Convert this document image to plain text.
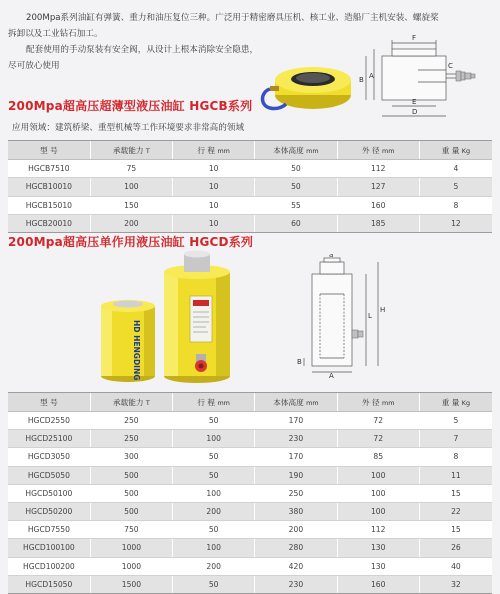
200Mpa系列油缸有弹簧、重力和油压复位三种。广泛用于精密磨具压机、核工业、造船厂主机安装、螺旋桨

拆卸以及工业钻石加工。

配套使用的手动泵装有安全阀，从设计上根本消除安全隐患，

尽可放心使用

F
A
B
C
E
D
200Mpa超高压超薄型液压油缸 HGCB系列
应用领域：建筑桥梁、重型机械等工作环境要求非常高的领域
型 号	承载能力 T	行 程 mm	本体高度 mm	外 径 mm	重 量 Kg
HGCB7510	75	10	50	112	4
HGCB10010	100	10	50	127	5
HGCB15010	150	10	55	160	8
HGCB20010	200	10	60	185	12
200Mpa超高压单作用液压油缸 HGCD系列
HD HENGDING
a
L
H
B
A
型 号	承载能力 T	行 程 mm	本体高度 mm	外 径 mm	重 量 Kg
HGCD2550	250	50	170	72	5
HGCD25100	250	100	230	72	7
HGCD3050	300	50	170	85	8
HGCD5050	500	50	190	100	11
HGCD50100	500	100	250	100	15
HGCD50200	500	200	380	100	22
HGCD7550	750	50	200	112	15
HGCD100100	1000	100	280	130	26
HGCD100200	1000	200	420	130	40
HGCD15050	1500	50	230	160	32
